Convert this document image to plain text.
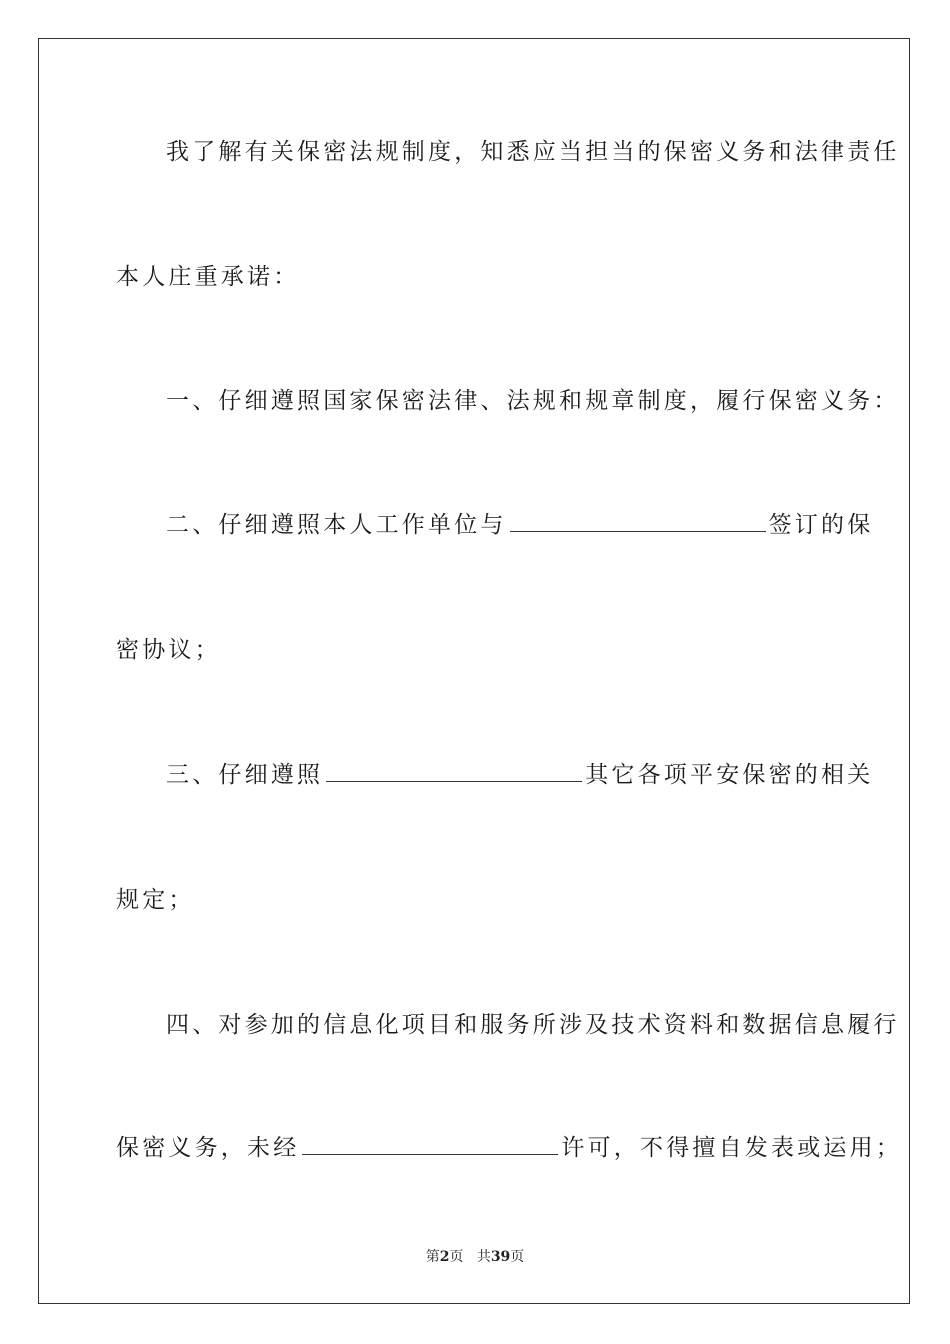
我了解有关保密法规制度，知悉应当担当的保密义务和法律责任
本人庄重承诺：
一、仔细遵照国家保密法律、法规和规章制度，履行保密义务：
二、仔细遵照本人工作单位与	签订的保
密协议；
三、仔细遵照	其它各项平安保密的相关
规定；
四、对参加的信息化项目和服务所涉及技术资料和数据信息履行
保密义务，未经	许可，不得擅自发表或运用；
第2页 共39页
